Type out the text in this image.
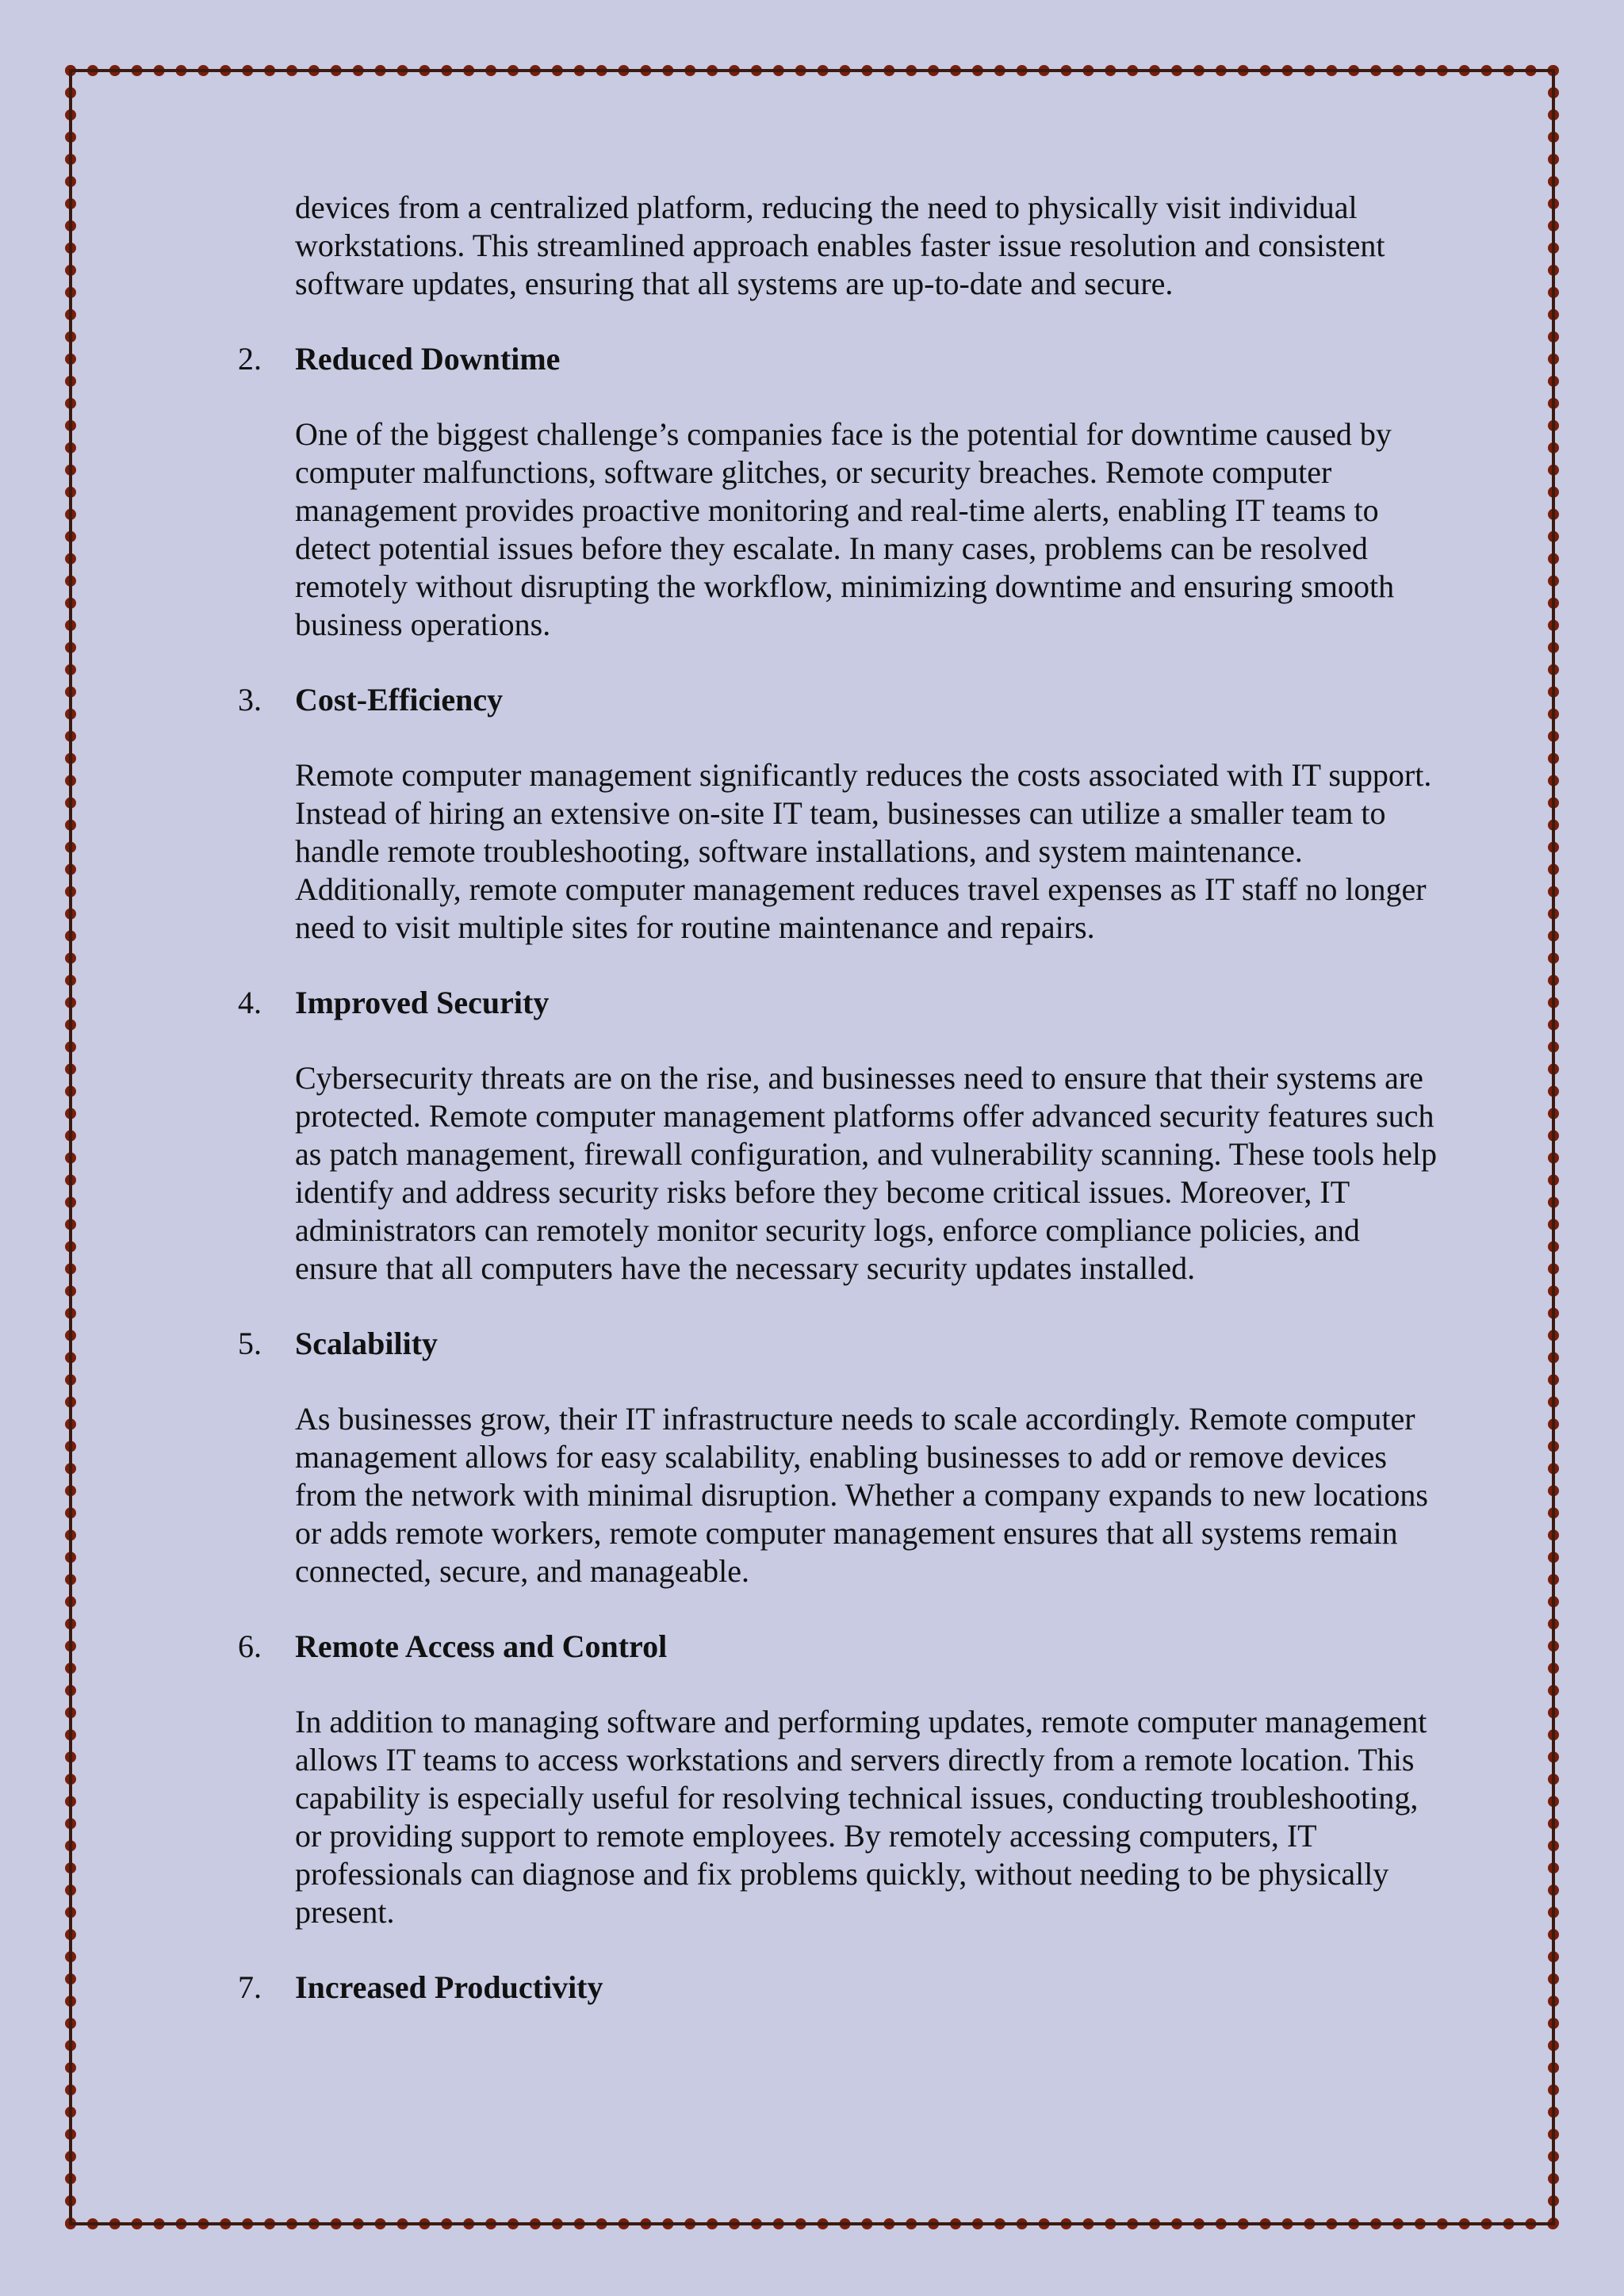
devices from a centralized platform, reducing the need to physically visit individual workstations. This streamlined approach enables faster issue resolution and consistent software updates, ensuring that all systems are up-to-date and secure.

2.	Reduced Downtime

One of the biggest challenge’s companies face is the potential for downtime caused by computer malfunctions, software glitches, or security breaches. Remote computer management provides proactive monitoring and real-time alerts, enabling IT teams to detect potential issues before they escalate. In many cases, problems can be resolved remotely without disrupting the workflow, minimizing downtime and ensuring smooth business operations.

3.	Cost-Efficiency

Remote computer management significantly reduces the costs associated with IT support. Instead of hiring an extensive on-site IT team, businesses can utilize a smaller team to handle remote troubleshooting, software installations, and system maintenance. Additionally, remote computer management reduces travel expenses as IT staff no longer need to visit multiple sites for routine maintenance and repairs.

4.	Improved Security

Cybersecurity threats are on the rise, and businesses need to ensure that their systems are protected. Remote computer management platforms offer advanced security features such as patch management, firewall configuration, and vulnerability scanning. These tools help identify and address security risks before they become critical issues. Moreover, IT administrators can remotely monitor security logs, enforce compliance policies, and ensure that all computers have the necessary security updates installed.

5.	Scalability

As businesses grow, their IT infrastructure needs to scale accordingly. Remote computer management allows for easy scalability, enabling businesses to add or remove devices from the network with minimal disruption. Whether a company expands to new locations or adds remote workers, remote computer management ensures that all systems remain connected, secure, and manageable.

6.	Remote Access and Control

In addition to managing software and performing updates, remote computer management allows IT teams to access workstations and servers directly from a remote location. This capability is especially useful for resolving technical issues, conducting troubleshooting, or providing support to remote employees. By remotely accessing computers, IT professionals can diagnose and fix problems quickly, without needing to be physically present.

7.	Increased Productivity
